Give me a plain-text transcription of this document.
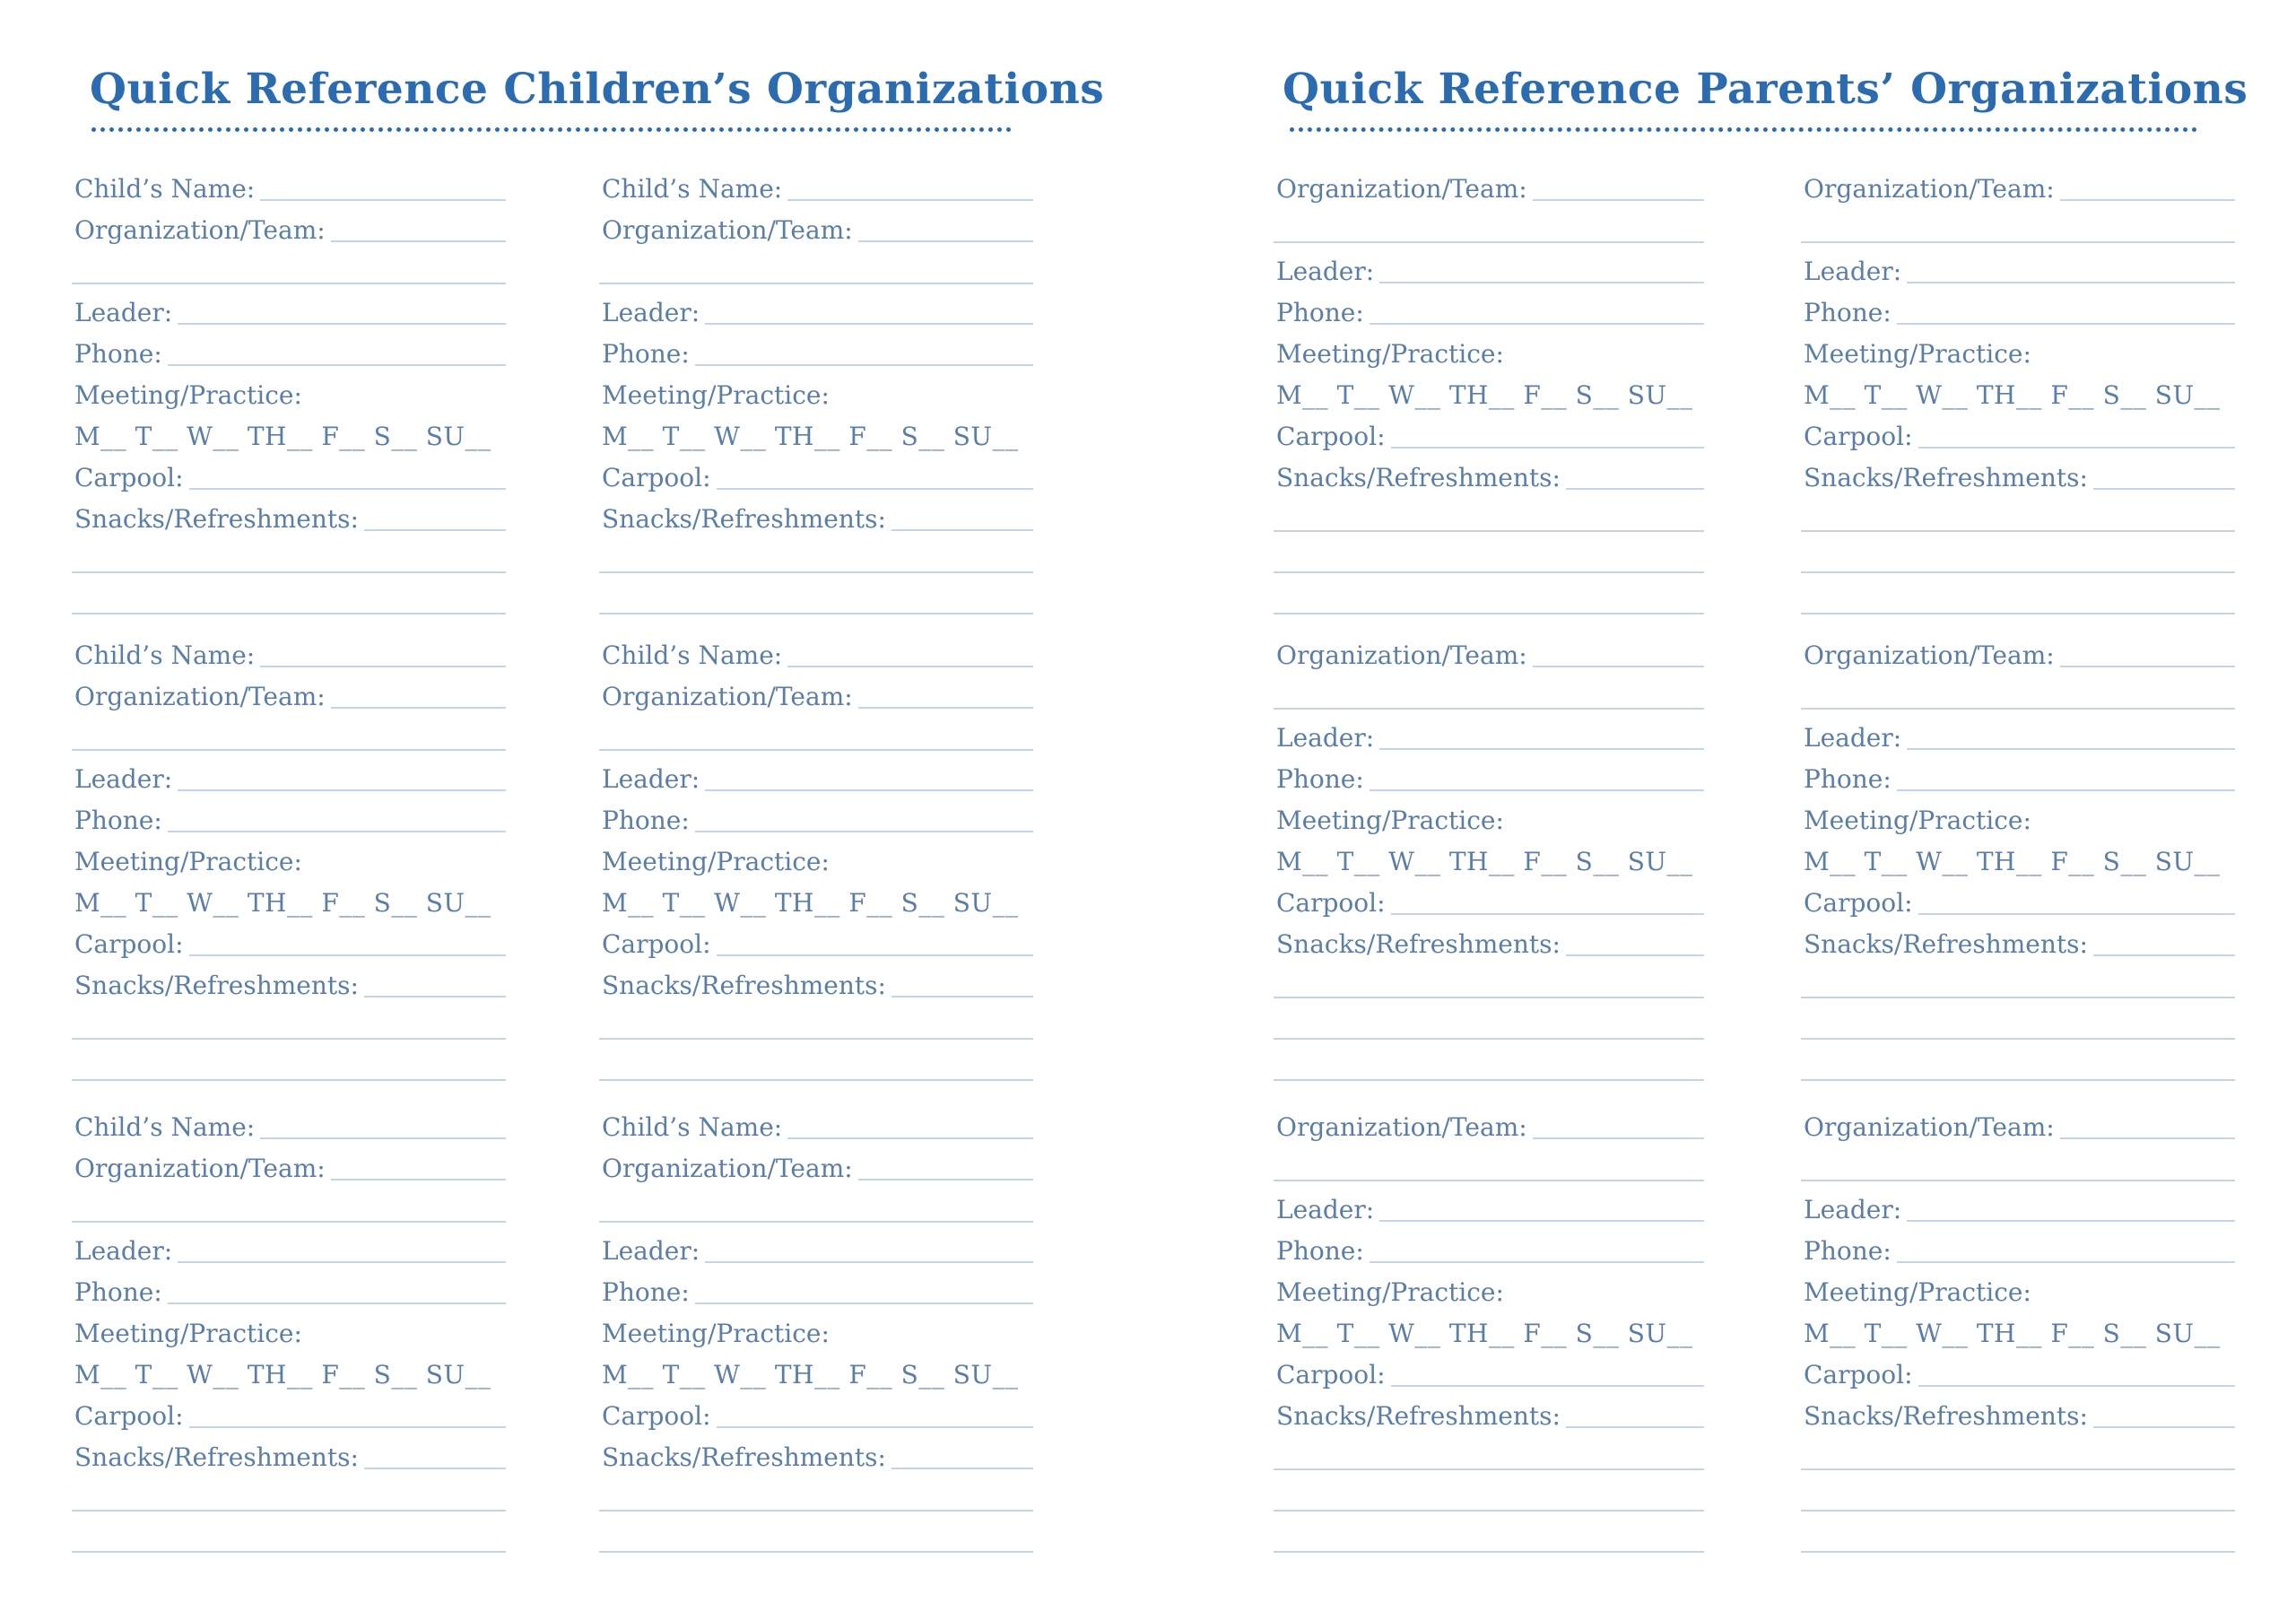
Quick Reference Children’s Organizations
Child’s Name:
Organization/Team:
Leader:
Phone:
Meeting/Practice:
M__ T__ W__ TH__ F__ S__ SU__
Carpool:
Snacks/Refreshments:
Child’s Name:
Organization/Team:
Leader:
Phone:
Meeting/Practice:
M__ T__ W__ TH__ F__ S__ SU__
Carpool:
Snacks/Refreshments:
Child’s Name:
Organization/Team:
Leader:
Phone:
Meeting/Practice:
M__ T__ W__ TH__ F__ S__ SU__
Carpool:
Snacks/Refreshments:
Child’s Name:
Organization/Team:
Leader:
Phone:
Meeting/Practice:
M__ T__ W__ TH__ F__ S__ SU__
Carpool:
Snacks/Refreshments:
Child’s Name:
Organization/Team:
Leader:
Phone:
Meeting/Practice:
M__ T__ W__ TH__ F__ S__ SU__
Carpool:
Snacks/Refreshments:
Child’s Name:
Organization/Team:
Leader:
Phone:
Meeting/Practice:
M__ T__ W__ TH__ F__ S__ SU__
Carpool:
Snacks/Refreshments:
Quick Reference Parents’ Organizations
Organization/Team:
Leader:
Phone:
Meeting/Practice:
M__ T__ W__ TH__ F__ S__ SU__
Carpool:
Snacks/Refreshments:
Organization/Team:
Leader:
Phone:
Meeting/Practice:
M__ T__ W__ TH__ F__ S__ SU__
Carpool:
Snacks/Refreshments:
Organization/Team:
Leader:
Phone:
Meeting/Practice:
M__ T__ W__ TH__ F__ S__ SU__
Carpool:
Snacks/Refreshments:
Organization/Team:
Leader:
Phone:
Meeting/Practice:
M__ T__ W__ TH__ F__ S__ SU__
Carpool:
Snacks/Refreshments:
Organization/Team:
Leader:
Phone:
Meeting/Practice:
M__ T__ W__ TH__ F__ S__ SU__
Carpool:
Snacks/Refreshments:
Organization/Team:
Leader:
Phone:
Meeting/Practice:
M__ T__ W__ TH__ F__ S__ SU__
Carpool:
Snacks/Refreshments:
